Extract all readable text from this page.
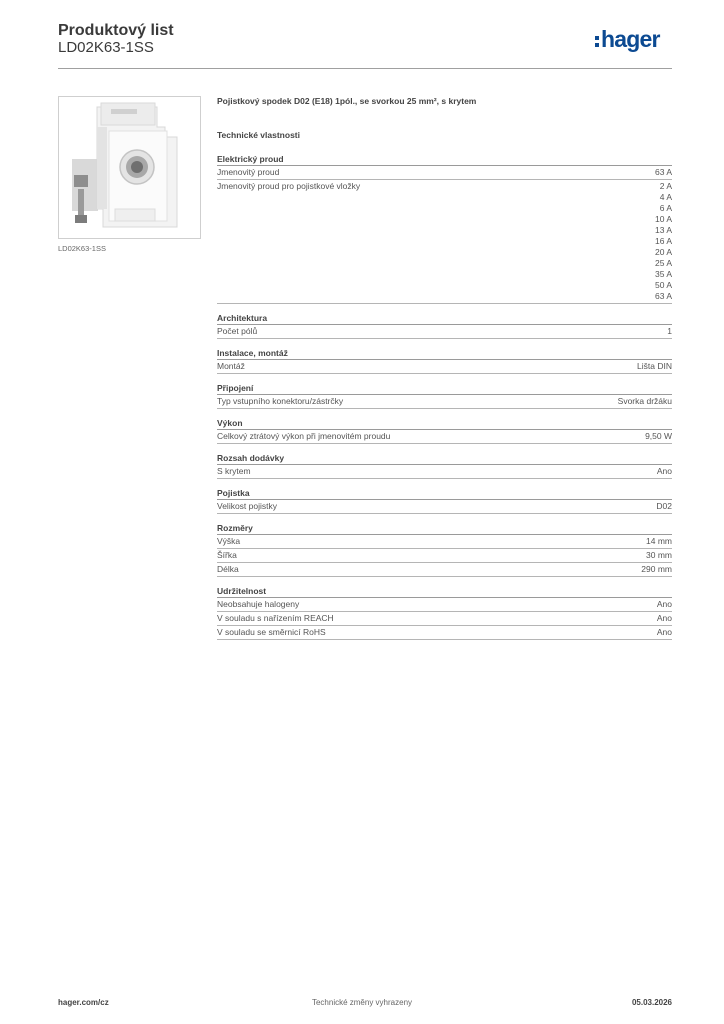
Produktový list
LD02K63-1SS	hager
LD02K63-1SS
Pojistkový spodek D02 (E18) 1pól., se svorkou 25 mm², s krytem
Technické vlastnosti
Elektrický proud
Jmenovitý proud	63 A
Jmenovitý proud pro pojistkové vložky	2 A
4 A
6 A
10 A
13 A
16 A
20 A
25 A
35 A
50 A
63 A
Architektura
Počet pólů	1
Instalace, montáž
Montáž	Lišta DIN
Připojení
Typ vstupního konektoru/zástrčky	Svorka držáku
Výkon
Celkový ztrátový výkon při jmenovitém proudu	9,50 W
Rozsah dodávky
S krytem	Ano
Pojistka
Velikost pojistky	D02
Rozměry
Výška	14 mm
Šířka	30 mm
Délka	290 mm
Udržitelnost
Neobsahuje halogeny	Ano
V souladu s nařízením REACH	Ano
V souladu se směrnicí RoHS	Ano
hager.com/cz	Technické změny vyhrazeny	05.03.2026
